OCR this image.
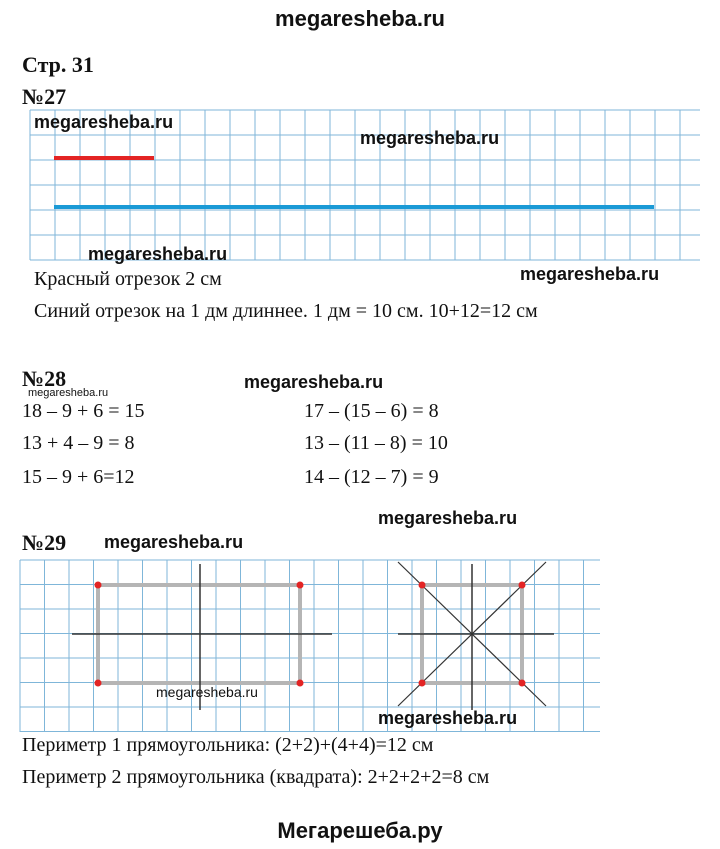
megaresheba.ru
Стр. 31
№27
megaresheba.ru
megaresheba.ru
megaresheba.ru
megaresheba.ru
Красный отрезок 2 см
Синий отрезок на 1 дм длиннее. 1 дм = 10 см. 10+12=12 см
№28
megaresheba.ru
megaresheba.ru
18 – 9 + 6 = 15
13 + 4 – 9 = 8
15 – 9 + 6=12
17 – (15 – 6) = 8
13 – (11 – 8) = 10
14 – (12 – 7) = 9
megaresheba.ru
№29 megaresheba.ru
megaresheba.ru
megaresheba.ru
Периметр 1 прямоугольника: (2+2)+(4+4)=12 см
Периметр 2 прямоугольника (квадрата): 2+2+2+2=8 см
Мегарешеба.ру
